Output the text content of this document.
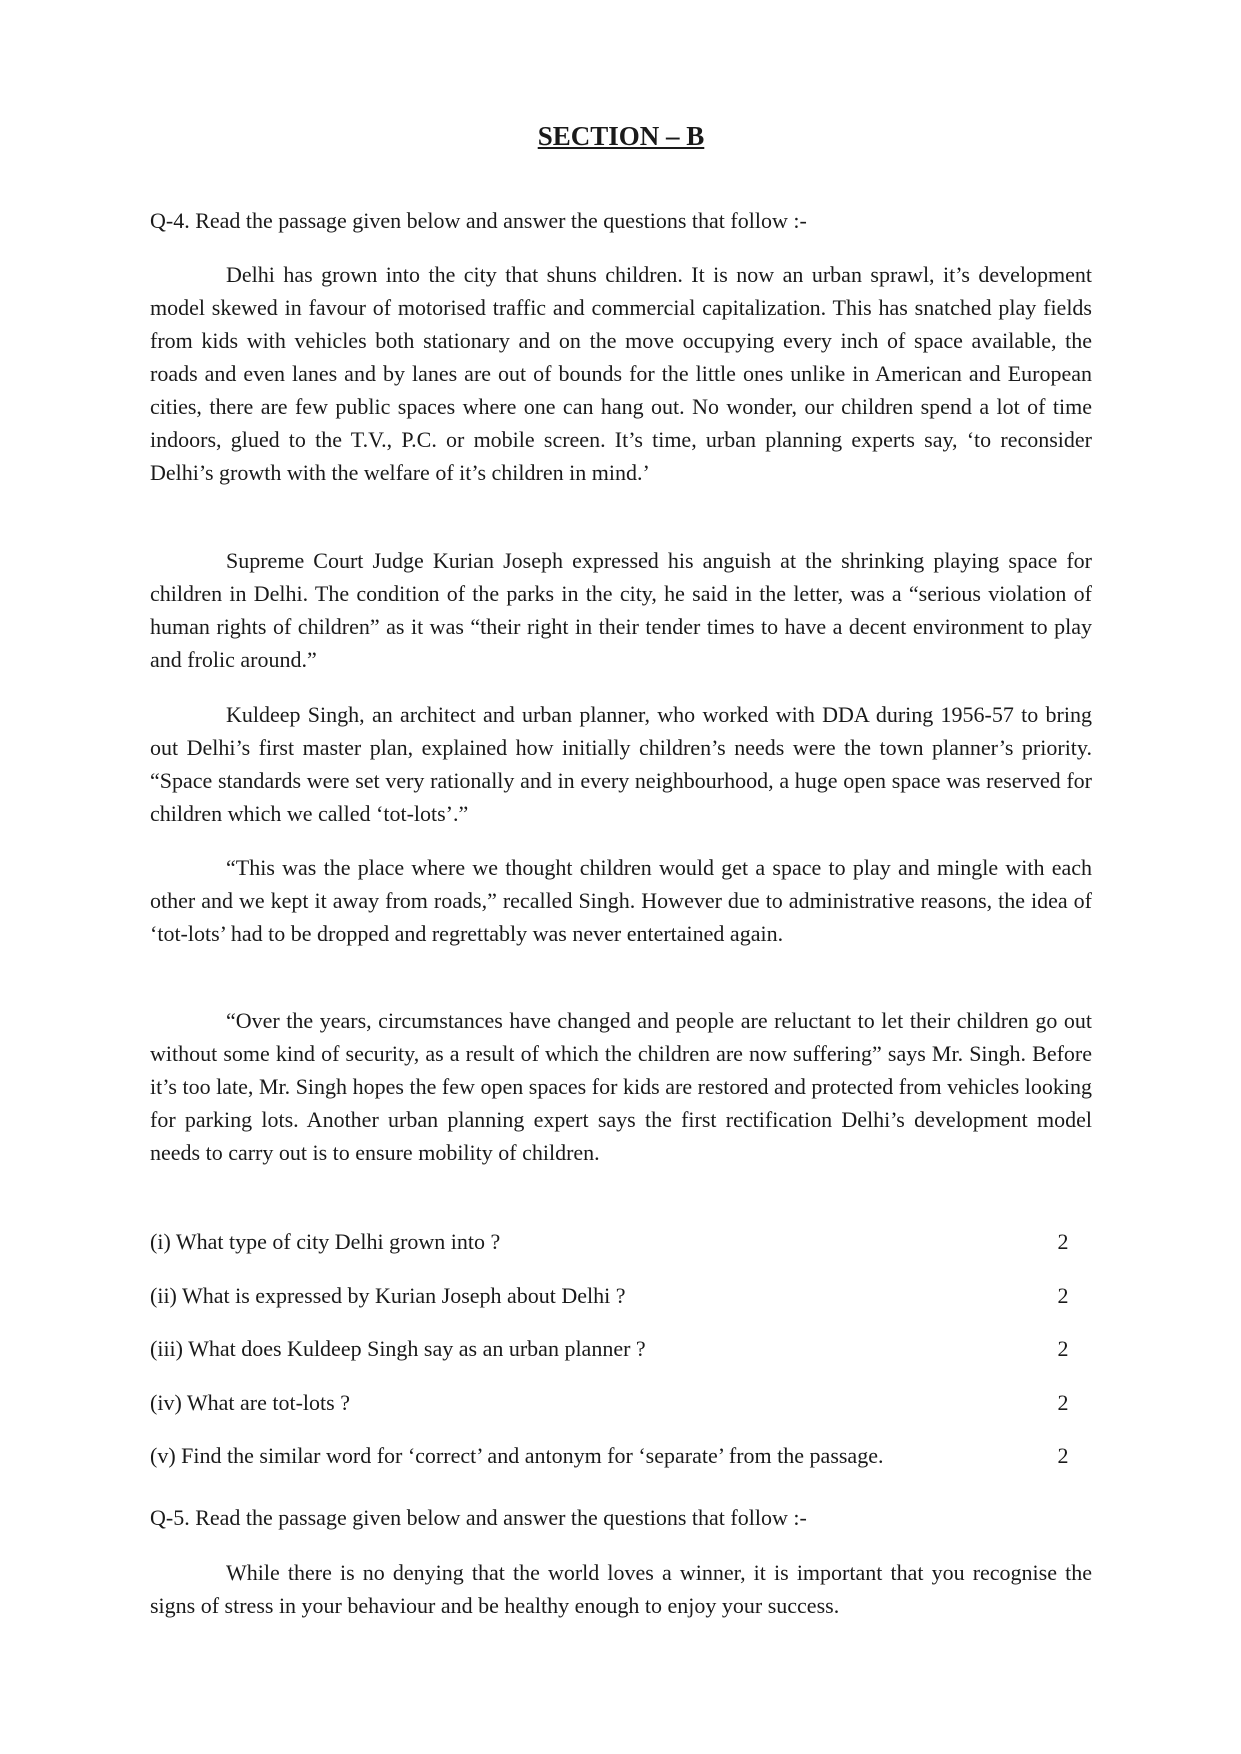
SECTION – B

Q-4. Read the passage given below and answer the questions that follow :-

Delhi has grown into the city that shuns children. It is now an urban sprawl, it’s development model skewed in favour of motorised traffic and commercial capitalization. This has snatched play fields from kids with vehicles both stationary and on the move occupying every inch of space available, the roads and even lanes and by lanes are out of bounds for the little ones unlike in American and European cities, there are few public spaces where one can hang out. No wonder, our children spend a lot of time indoors, glued to the T.V., P.C. or mobile screen. It’s time, urban planning experts say, ‘to reconsider Delhi’s growth with the welfare of it’s children in mind.’

Supreme Court Judge Kurian Joseph expressed his anguish at the shrinking playing space for children in Delhi. The condition of the parks in the city, he said in the letter, was a “serious violation of human rights of children” as it was “their right in their tender times to have a decent environment to play and frolic around.”

Kuldeep Singh, an architect and urban planner, who worked with DDA during 1956-57 to bring out Delhi’s first master plan, explained how initially children’s needs were the town planner’s priority. “Space standards were set very rationally and in every neighbourhood, a huge open space was reserved for children which we called ‘tot-lots’.”

“This was the place where we thought children would get a space to play and mingle with each other and we kept it away from roads,” recalled Singh. However due to administrative reasons, the idea of ‘tot-lots’ had to be dropped and regrettably was never entertained again.

“Over the years, circumstances have changed and people are reluctant to let their children go out without some kind of security, as a result of which the children are now suffering” says Mr. Singh. Before it’s too late, Mr. Singh hopes the few open spaces for kids are restored and protected from vehicles looking for parking lots. Another urban planning expert says the first rectification Delhi’s development model needs to carry out is to ensure mobility of children.

(i) What type of city Delhi grown into ?	2
(ii) What is expressed by Kurian Joseph about Delhi ?	2
(iii) What does Kuldeep Singh say as an urban planner ?	2
(iv) What are tot-lots ?	2
(v) Find the similar word for ‘correct’ and antonym for ‘separate’ from the passage.	2

Q-5. Read the passage given below and answer the questions that follow :-

While there is no denying that the world loves a winner, it is important that you recognise the signs of stress in your behaviour and be healthy enough to enjoy your success.
